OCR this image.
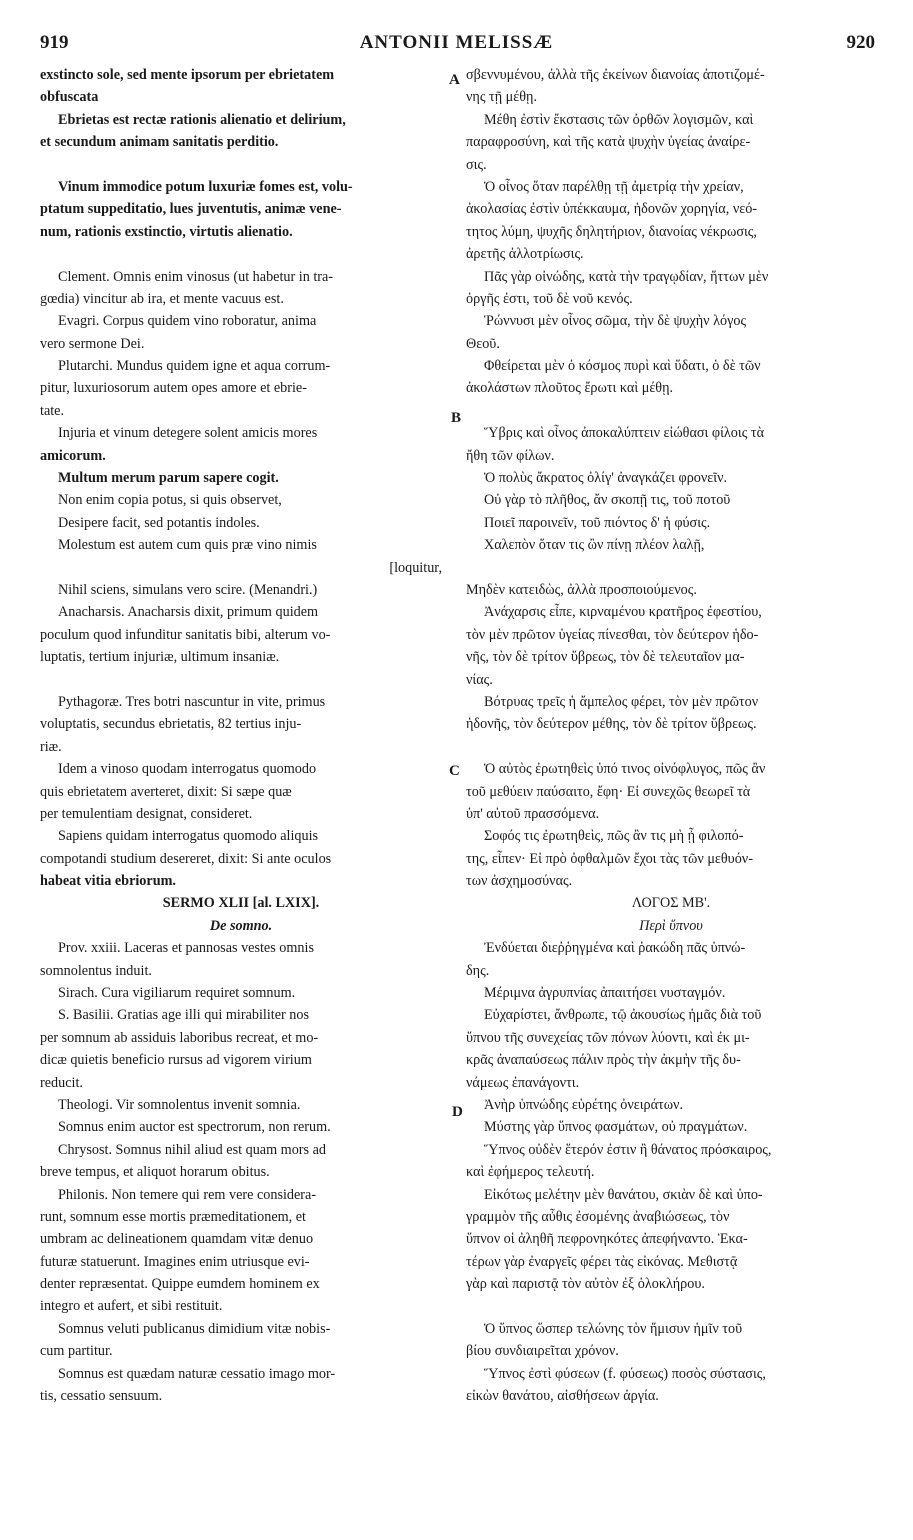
919	ANTONII MELISSÆ	920
A
B
C
D
exstincto sole, sed mente ipsorum per ebrietatem
obfuscata
Ebrietas est rectæ rationis alienatio et delirium,
et secundum animam sanitatis perditio.
Vinum immodice potum luxuriæ fomes est, volu-
ptatum suppeditatio, lues juventutis, animæ vene-
num, rationis exstinctio, virtutis alienatio.
Clement. Omnis enim vinosus (ut habetur in tra-
gœdia) vincitur ab ira, et mente vacuus est.
Evagri. Corpus quidem vino roboratur, anima
vero sermone Dei.
Plutarchi. Mundus quidem igne et aqua corrum-
pitur, luxuriosorum autem opes amore et ebrie-
tate.
Injuria et vinum detegere solent amicis mores
amicorum.
Multum merum parum sapere cogit.
Non enim copia potus, si quis observet,
Desipere facit, sed potantis indoles.
Molestum est autem cum quis præ vino nimis
[loquitur,
Nihil sciens, simulans vero scire. (Menandri.)
Anacharsis. Anacharsis dixit, primum quidem
poculum quod infunditur sanitatis bibi, alterum vo-
luptatis, tertium injuriæ, ultimum insaniæ.
Pythagoræ. Tres botri nascuntur in vite, primus
voluptatis, secundus ebrietatis, 82 tertius inju-
riæ.
Idem a vinoso quodam interrogatus quomodo
quis ebrietatem averteret, dixit: Si sæpe quæ
per temulentiam designat, consideret.
Sapiens quidam interrogatus quomodo aliquis
compotandi studium desereret, dixit: Si ante oculos
habeat vitia ebriorum.
SERMO XLII [al. LXIX].
De somno.
Prov. xxiii. Laceras et pannosas vestes omnis
somnolentus induit.
Sirach. Cura vigiliarum requiret somnum.
S. Basilii. Gratias age illi qui mirabiliter nos
per somnum ab assiduis laboribus recreat, et mo-
dicæ quietis beneficio rursus ad vigorem virium
reducit.
Theologi. Vir somnolentus invenit somnia.
Somnus enim auctor est spectrorum, non rerum.
Chrysost. Somnus nihil aliud est quam mors ad
breve tempus, et aliquot horarum obitus.
Philonis. Non temere qui rem vere considera-
runt, somnum esse mortis præmeditationem, et
umbram ac delineationem quamdam vitæ denuo
futuræ statuerunt. Imagines enim utriusque evi-
denter repræsentat. Quippe eumdem hominem ex
integro et aufert, et sibi restituit.
Somnus veluti publicanus dimidium vitæ nobis-
cum partitur.
Somnus est quædam naturæ cessatio imago mor-
tis, cessatio sensuum.
σβεννυμένου, ἀλλὰ τῆς ἐκείνων διανοίας ἀποτιζομέ-
νης τῇ μέθῃ.
Μέθη ἐστὶν ἔκστασις τῶν ὀρθῶν λογισμῶν, καὶ
παραφροσύνη, καὶ τῆς κατὰ ψυχὴν ὑγείας ἀναίρε-
σις.
Ὁ οἶνος ὅταν παρέλθῃ τῇ ἀμετρίᾳ τὴν χρείαν,
ἀκολασίας ἐστὶν ὑπέκκαυμα, ἡδονῶν χορηγία, νεό-
τητος λύμη, ψυχῆς δηλητήριον, διανοίας νέκρωσις,
ἀρετῆς ἀλλοτρίωσις.
Πᾶς γὰρ οἰνώδης, κατὰ τὴν τραγῳδίαν, ἥττων μὲν
ὀργῆς ἐστι, τοῦ δὲ νοῦ κενός.
Ῥώννυσι μὲν οἶνος σῶμα, τὴν δὲ ψυχὴν λόγος
Θεοῦ.
Φθείρεται μὲν ὁ κόσμος πυρὶ καὶ ὕδατι, ὁ δὲ τῶν
ἀκολάστων πλοῦτος ἔρωτι καὶ μέθῃ.
Ὕβρις καὶ οἶνος ἀποκαλύπτειν εἰώθασι φίλοις τὰ
ἤθη τῶν φίλων.
Ὁ πολὺς ἄκρατος ὀλίγ' ἀναγκάζει φρονεῖν.
Οὐ γὰρ τὸ πλῆθος, ἄν σκοπῇ τις, τοῦ ποτοῦ
Ποιεῖ παροινεῖν, τοῦ πιόντος δ' ἡ φύσις.
Χαλεπὸν ὅταν τις ὢν πίνῃ πλέον λαλῇ,
Μηδὲν κατειδὼς, ἀλλὰ προσποιούμενος.
Ἀνάχαρσις εἶπε, κιρναμένου κρατῆρος ἐφεστίου,
τὸν μὲν πρῶτον ὑγείας πίνεσθαι, τὸν δεύτερον ἡδο-
νῆς, τὸν δὲ τρίτον ὕβρεως, τὸν δὲ τελευταῖον μα-
νίας.
Βότρυας τρεῖς ἡ ἄμπελος φέρει, τὸν μὲν πρῶτον
ἡδονῆς, τὸν δεύτερον μέθης, τὸν δὲ τρίτον ὕβρεως.
Ὁ αὐτὸς ἐρωτηθεὶς ὑπό τινος οἰνόφλυγος, πῶς ἂν
τοῦ μεθύειν παύσαιτο, ἔφη· Εἰ συνεχῶς θεωρεῖ τὰ
ὑπ' αὐτοῦ πρασσόμενα.
Σοφός τις ἐρωτηθεὶς, πῶς ἂν τις μὴ ᾖ φιλοπό-
της, εἶπεν· Εἰ πρὸ ὀφθαλμῶν ἔχοι τὰς τῶν μεθυόν-
των ἀσχημοσύνας.
ΛΟΓΟΣ ΜΒ'.
Περὶ ὕπνου
Ἐνδύεται διεῤῥηγμένα καὶ ῥακώδη πᾶς ὑπνώ-
δης.
Μέριμνα ἀγρυπνίας ἀπαιτήσει νυσταγμόν.
Εὐχαρίστει, ἄνθρωπε, τῷ ἀκουσίως ἡμᾶς διὰ τοῦ
ὕπνου τῆς συνεχείας τῶν πόνων λύοντι, καὶ ἐκ μι-
κρᾶς ἀναπαύσεως πάλιν πρὸς τὴν ἀκμὴν τῆς δυ-
νάμεως ἐπανάγοντι.
Ἀνὴρ ὑπνώδης εὑρέτης ὀνειράτων.
Μύστης γὰρ ὕπνος φασμάτων, οὐ πραγμάτων.
Ὕπνος οὐδὲν ἕτερόν ἐστιν ἢ θάνατος πρόσκαιρος,
καὶ ἐφήμερος τελευτή.
Εἰκότως μελέτην μὲν θανάτου, σκιὰν δὲ καὶ ὑπο-
γραμμὸν τῆς αὖθις ἐσομένης ἀναβιώσεως, τὸν
ὕπνον οἱ ἀληθῆ πεφρονηκότες ἀπεφήναντο. Ἑκα-
τέρων γὰρ ἐναργεῖς φέρει τὰς εἰκόνας. Μεθιστᾷ
γὰρ καὶ παριστᾷ τὸν αὐτὸν ἐξ ὁλοκλήρου.
Ὁ ὕπνος ὥσπερ τελώνης τὸν ἥμισυν ἡμῖν τοῦ
βίου συνδιαιρεῖται χρόνον.
Ὕπνος ἐστὶ φύσεων (f. φύσεως) ποσὸς σύστασις,
εἰκὼν θανάτου, αἰσθήσεων ἀργία.
